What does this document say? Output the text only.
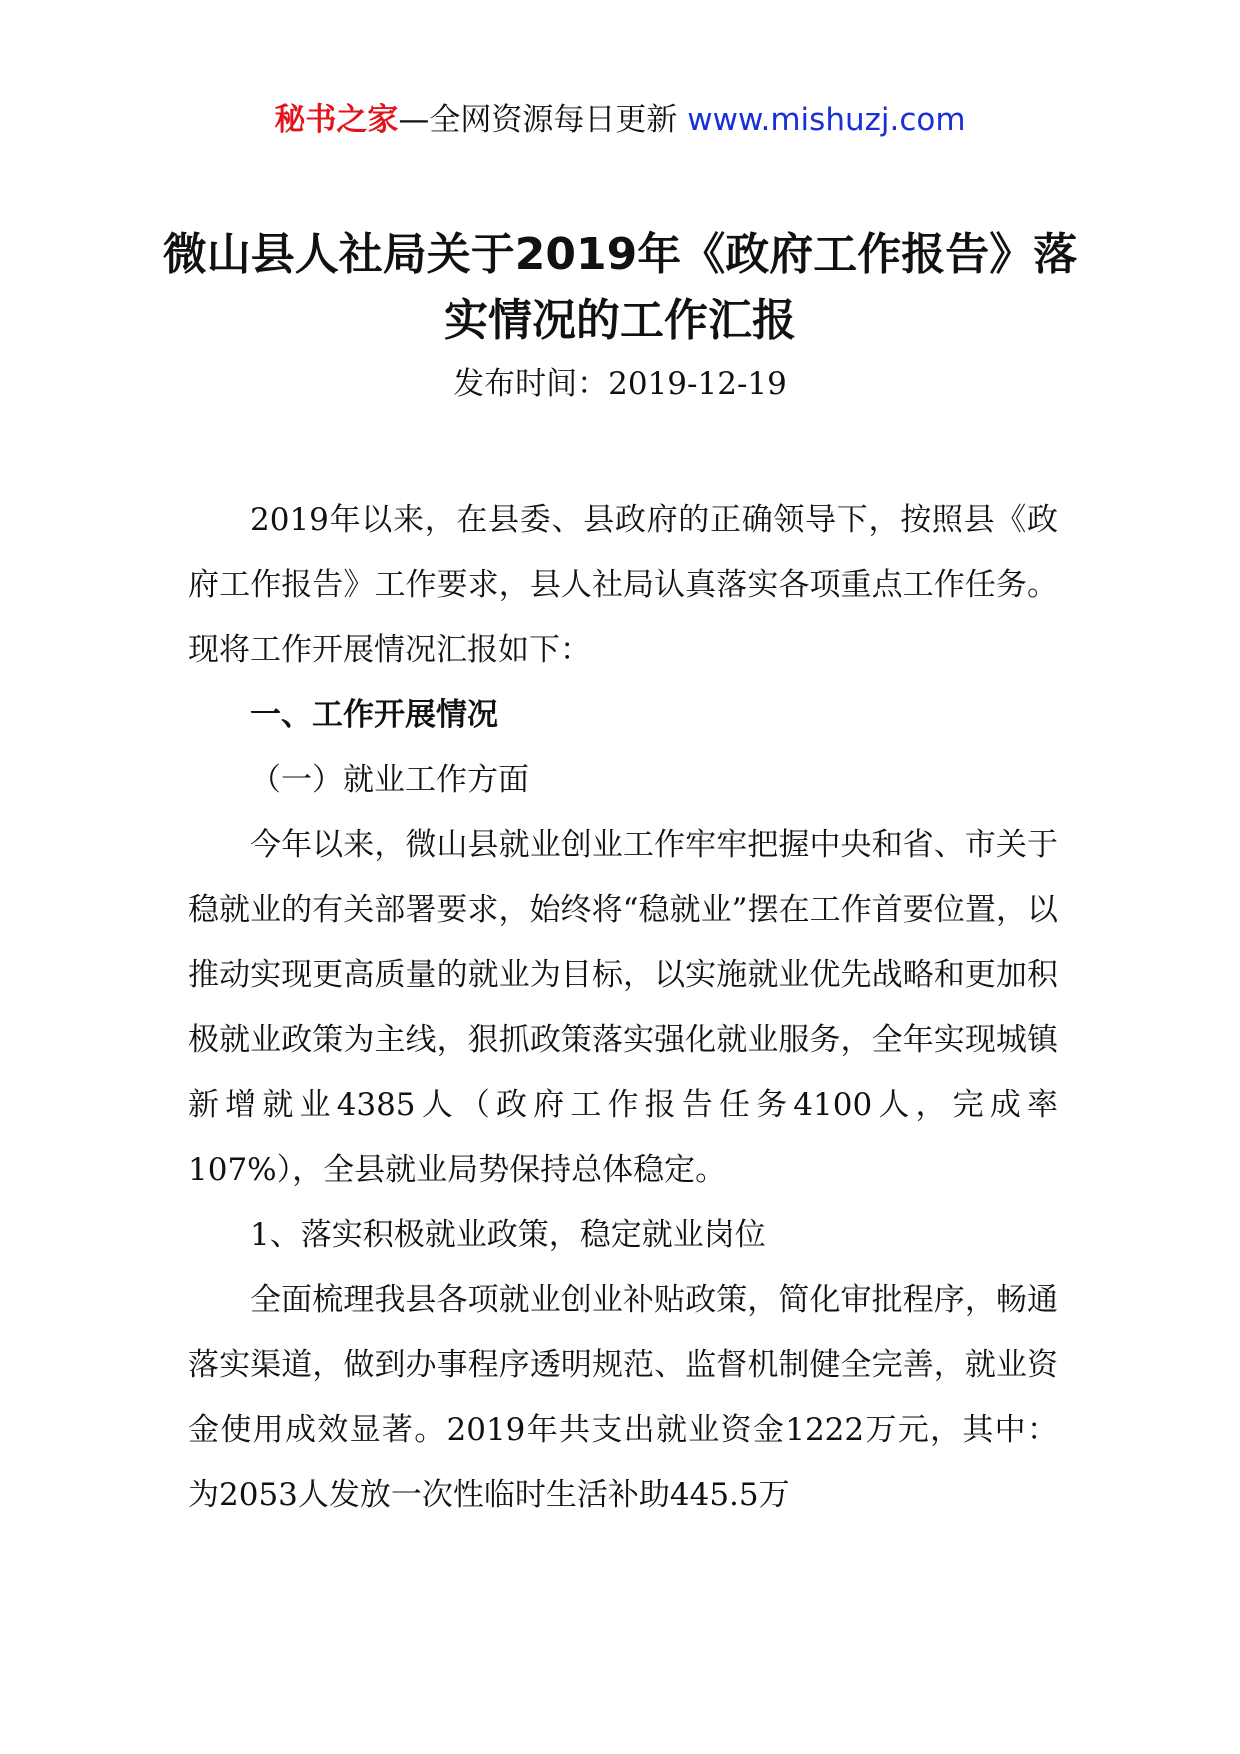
秘书之家—全网资源每日更新 www.mishuzj.com
微山县人社局关于2019年《政府工作报告》落实情况的工作汇报
发布时间：2019-12-19

2019年以来，在县委、县政府的正确领导下，按照县《政府工作报告》工作要求，县人社局认真落实各项重点工作任务。现将工作开展情况汇报如下：

一、工作开展情况

（一）就业工作方面

今年以来，微山县就业创业工作牢牢把握中央和省、市关于稳就业的有关部署要求，始终将“稳就业”摆在工作首要位置，以推动实现更高质量的就业为目标，以实施就业优先战略和更加积极就业政策为主线，狠抓政策落实强化就业服务，全年实现城镇新增就业4385人（政府工作报告任务4100人，完成率107%），全县就业局势保持总体稳定。

1、落实积极就业政策，稳定就业岗位

全面梳理我县各项就业创业补贴政策，简化审批程序，畅通落实渠道，做到办事程序透明规范、监督机制健全完善，就业资金使用成效显著。2019年共支出就业资金1222万元，其中：为2053人发放一次性临时生活补助445.5万
